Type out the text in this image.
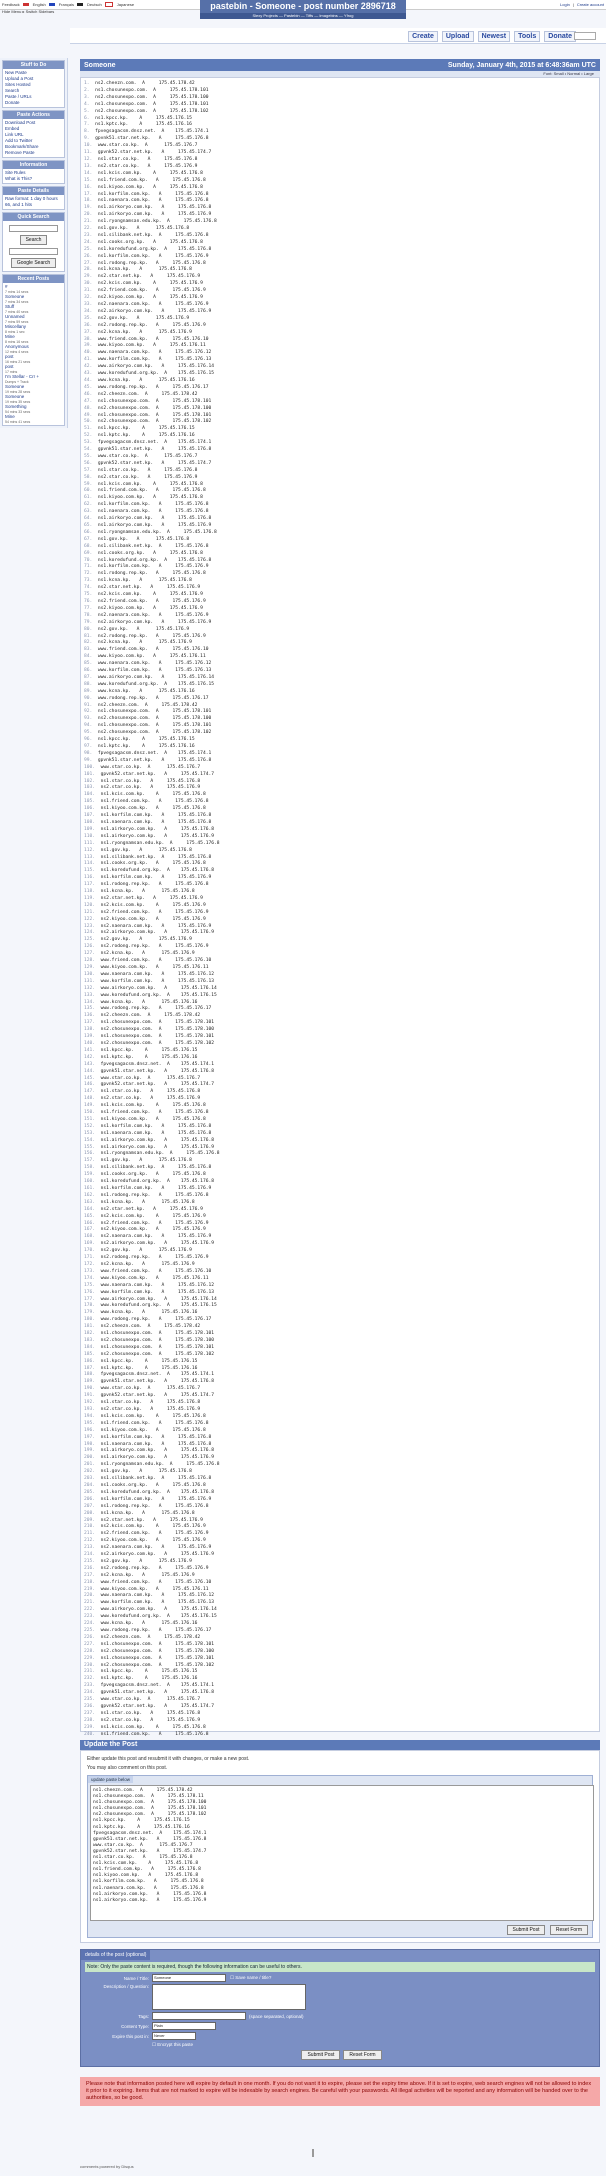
Feedback	English	Français	Deutsch	Japanese	Login | Create account
Hide Menu ▸ Switch Sidebars
pastebin - Someone - post number 2896718
Slexy Projects — Pastebin — Tiffs — Imagebins — Yfrog
Create	Upload	Newest	Tools	Donate
Stuff to Do
New Paste
Upload a Post
Sites Hosted
Search
Paste / URLs
Donate
Paste Actions
Download Post
Embed
Link URL
Add to Twitter
Bookmark/Share
Remove Paste
Information
Site Rules
What is This?
Paste Details
Raw format: 1 day 0 hours 66, and 1 hits
Quick Search
Search
Google Search
Recent Posts
#
7 mins 14 secs
Someone
7 mins 34 secs
Stuff
7 mins 40 secs
Unnamed
7 mins 59 secs
Miscellany
8 mins 1 sec
Mine
8 mins 16 secs
Anonymous
12 mins 4 secs
post
16 mins 21 secs
post
17 mins
I'm Stellar - Crr +
Dumps + Track
Someone
19 mins 28 secs
Someone
19 mins 35 secs
Something
54 mins 33 secs
Mine
54 mins 41 secs
Someone	Sunday, January 4th, 2015 at 6:48:36am UTC
Font: Small • Normal • Large
1.  ns2.cheezn.com.  A     175.45.178.42
2.  ns1.chosunexpo.com.  A     175.45.178.101
3.  ns2.chosunexpo.com.  A     175.45.178.100
4.  ns1.chosunexpo.com.  A     175.45.178.101
5.  ns2.chosunexpo.com.  A     175.45.178.102
6.  ns1.kpcc.kp.    A     175.45.176.15
7.  ns1.kptc.kp.    A     175.45.176.16
8.  fpvegsagacsm.dnsz.net.  A    175.45.174.1
9.  gpvnk51.star.net.kp.   A     175.45.176.8
10.  www.star.co.kp.  A      175.45.176.7
11.  gpvnk52.star.net.kp.   A     175.45.174.7
12.  ns1.star.co.kp.   A     175.45.176.8
13.  ns2.star.co.kp.   A     175.45.176.9
14.  ns1.kcis.com.kp.    A     175.45.176.8
15.  ns1.friend.com.kp.   A     175.45.176.8
16.  ns1.kiyoo.com.kp.   A     175.45.176.8
17.  ns1.korfilm.com.kp.   A     175.45.176.8
18.  ns1.naenara.com.kp.   A     175.45.176.8
19.  ns1.airkoryo.com.kp.   A     175.45.176.8
20.  ns1.airkoryo.com.kp.   A     175.45.176.9
21.  ns1.ryongnamsan.edu.kp.  A     175.45.176.8
22.  ns1.gov.kp.   A      175.45.176.8
23.  ns1.silibank.net.kp.  A     175.45.176.8
24.  ns1.cooks.org.kp.   A     175.45.176.8
25.  ns1.koredufund.org.kp.  A    175.45.176.8
26.  ns1.korfilm.com.kp.   A     175.45.176.9
27.  ns1.rodong.rep.kp.   A     175.45.176.8
28.  ns1.kcna.kp.   A      175.45.176.8
29.  ns2.star.net.kp.   A     175.45.176.9
30.  ns2.kcis.com.kp.    A     175.45.176.9
31.  ns2.friend.com.kp.   A     175.45.176.9
32.  ns2.kiyoo.com.kp.   A     175.45.176.9
33.  ns2.naenara.com.kp.   A     175.45.176.9
34.  ns2.airkoryo.com.kp.   A     175.45.176.9
35.  ns2.gov.kp.   A      175.45.176.9
36.  ns2.rodong.rep.kp.   A     175.45.176.9
37.  ns2.kcna.kp.   A      175.45.176.9
38.  www.friend.com.kp.   A     175.45.176.10
39.  www.kiyoo.com.kp.   A     175.45.176.11
40.  www.naenara.com.kp.   A     175.45.176.12
41.  www.korfilm.com.kp.   A     175.45.176.13
42.  www.airkoryo.com.kp.   A     175.45.176.14
43.  www.koredufund.org.kp.  A    175.45.176.15
44.  www.kcna.kp.   A      175.45.176.16
45.  www.rodong.rep.kp.   A     175.45.176.17
46.  ns2.cheezn.com.  A     175.45.178.42
47.  ns1.chosunexpo.com.  A     175.45.178.101
48.  ns2.chosunexpo.com.  A     175.45.178.100
49.  ns1.chosunexpo.com.  A     175.45.178.101
50.  ns2.chosunexpo.com.  A     175.45.178.102
51.  ns1.kpcc.kp.    A     175.45.176.15
52.  ns1.kptc.kp.    A     175.45.176.16
53.  fpvegsagacsm.dnsz.net.  A    175.45.174.1
54.  gpvnk51.star.net.kp.   A     175.45.176.8
55.  www.star.co.kp.  A      175.45.176.7
56.  gpvnk52.star.net.kp.   A     175.45.174.7
57.  ns1.star.co.kp.   A     175.45.176.8
58.  ns2.star.co.kp.   A     175.45.176.9
59.  ns1.kcis.com.kp.    A     175.45.176.8
60.  ns1.friend.com.kp.   A     175.45.176.8
61.  ns1.kiyoo.com.kp.   A     175.45.176.8
62.  ns1.korfilm.com.kp.   A     175.45.176.8
63.  ns1.naenara.com.kp.   A     175.45.176.8
64.  ns1.airkoryo.com.kp.   A     175.45.176.8
65.  ns1.airkoryo.com.kp.   A     175.45.176.9
66.  ns1.ryongnamsan.edu.kp.  A     175.45.176.8
67.  ns1.gov.kp.   A      175.45.176.8
68.  ns1.silibank.net.kp.  A     175.45.176.8
69.  ns1.cooks.org.kp.   A     175.45.176.8
70.  ns1.koredufund.org.kp.  A    175.45.176.8
71.  ns1.korfilm.com.kp.   A     175.45.176.9
72.  ns1.rodong.rep.kp.   A     175.45.176.8
73.  ns1.kcna.kp.   A      175.45.176.8
74.  ns2.star.net.kp.   A     175.45.176.9
75.  ns2.kcis.com.kp.    A     175.45.176.9
76.  ns2.friend.com.kp.   A     175.45.176.9
77.  ns2.kiyoo.com.kp.   A     175.45.176.9
78.  ns2.naenara.com.kp.   A     175.45.176.9
79.  ns2.airkoryo.com.kp.   A     175.45.176.9
80.  ns2.gov.kp.   A      175.45.176.9
81.  ns2.rodong.rep.kp.   A     175.45.176.9
82.  ns2.kcna.kp.   A      175.45.176.9
83.  www.friend.com.kp.   A     175.45.176.10
84.  www.kiyoo.com.kp.   A     175.45.176.11
85.  www.naenara.com.kp.   A     175.45.176.12
86.  www.korfilm.com.kp.   A     175.45.176.13
87.  www.airkoryo.com.kp.   A     175.45.176.14
88.  www.koredufund.org.kp.  A    175.45.176.15
89.  www.kcna.kp.   A      175.45.176.16
90.  www.rodong.rep.kp.   A     175.45.176.17
91.  ns2.cheezn.com.  A     175.45.178.42
92.  ns1.chosunexpo.com.  A     175.45.178.101
93.  ns2.chosunexpo.com.  A     175.45.178.100
94.  ns1.chosunexpo.com.  A     175.45.178.101
95.  ns2.chosunexpo.com.  A     175.45.178.102
96.  ns1.kpcc.kp.    A     175.45.176.15
97.  ns1.kptc.kp.    A     175.45.176.16
98.  fpvegsagacsm.dnsz.net.  A    175.45.174.1
99.  gpvnk51.star.net.kp.   A     175.45.176.8
100.  www.star.co.kp.  A      175.45.176.7
101.  gpvnk52.star.net.kp.   A     175.45.174.7
102.  ns1.star.co.kp.   A     175.45.176.8
103.  ns2.star.co.kp.   A     175.45.176.9
104.  ns1.kcis.com.kp.    A     175.45.176.8
105.  ns1.friend.com.kp.   A     175.45.176.8
106.  ns1.kiyoo.com.kp.   A     175.45.176.8
107.  ns1.korfilm.com.kp.   A     175.45.176.8
108.  ns1.naenara.com.kp.   A     175.45.176.8
109.  ns1.airkoryo.com.kp.   A     175.45.176.8
110.  ns1.airkoryo.com.kp.   A     175.45.176.9
111.  ns1.ryongnamsan.edu.kp.  A     175.45.176.8
112.  ns1.gov.kp.   A      175.45.176.8
113.  ns1.silibank.net.kp.  A     175.45.176.8
114.  ns1.cooks.org.kp.   A     175.45.176.8
115.  ns1.koredufund.org.kp.  A    175.45.176.8
116.  ns1.korfilm.com.kp.   A     175.45.176.9
117.  ns1.rodong.rep.kp.   A     175.45.176.8
118.  ns1.kcna.kp.   A      175.45.176.8
119.  ns2.star.net.kp.   A     175.45.176.9
120.  ns2.kcis.com.kp.    A     175.45.176.9
121.  ns2.friend.com.kp.   A     175.45.176.9
122.  ns2.kiyoo.com.kp.   A     175.45.176.9
123.  ns2.naenara.com.kp.   A     175.45.176.9
124.  ns2.airkoryo.com.kp.   A     175.45.176.9
125.  ns2.gov.kp.   A      175.45.176.9
126.  ns2.rodong.rep.kp.   A     175.45.176.9
127.  ns2.kcna.kp.   A      175.45.176.9
128.  www.friend.com.kp.   A     175.45.176.10
129.  www.kiyoo.com.kp.   A     175.45.176.11
130.  www.naenara.com.kp.   A     175.45.176.12
131.  www.korfilm.com.kp.   A     175.45.176.13
132.  www.airkoryo.com.kp.   A     175.45.176.14
133.  www.koredufund.org.kp.  A    175.45.176.15
134.  www.kcna.kp.   A      175.45.176.16
135.  www.rodong.rep.kp.   A     175.45.176.17
136.  ns2.cheezn.com.  A     175.45.178.42
137.  ns1.chosunexpo.com.  A     175.45.178.101
138.  ns2.chosunexpo.com.  A     175.45.178.100
139.  ns1.chosunexpo.com.  A     175.45.178.101
140.  ns2.chosunexpo.com.  A     175.45.178.102
141.  ns1.kpcc.kp.    A     175.45.176.15
142.  ns1.kptc.kp.    A     175.45.176.16
143.  fpvegsagacsm.dnsz.net.  A    175.45.174.1
144.  gpvnk51.star.net.kp.   A     175.45.176.8
145.  www.star.co.kp.  A      175.45.176.7
146.  gpvnk52.star.net.kp.   A     175.45.174.7
147.  ns1.star.co.kp.   A     175.45.176.8
148.  ns2.star.co.kp.   A     175.45.176.9
149.  ns1.kcis.com.kp.    A     175.45.176.8
150.  ns1.friend.com.kp.   A     175.45.176.8
151.  ns1.kiyoo.com.kp.   A     175.45.176.8
152.  ns1.korfilm.com.kp.   A     175.45.176.8
153.  ns1.naenara.com.kp.   A     175.45.176.8
154.  ns1.airkoryo.com.kp.   A     175.45.176.8
155.  ns1.airkoryo.com.kp.   A     175.45.176.9
156.  ns1.ryongnamsan.edu.kp.  A     175.45.176.8
157.  ns1.gov.kp.   A      175.45.176.8
158.  ns1.silibank.net.kp.  A     175.45.176.8
159.  ns1.cooks.org.kp.   A     175.45.176.8
160.  ns1.koredufund.org.kp.  A    175.45.176.8
161.  ns1.korfilm.com.kp.   A     175.45.176.9
162.  ns1.rodong.rep.kp.   A     175.45.176.8
163.  ns1.kcna.kp.   A      175.45.176.8
164.  ns2.star.net.kp.   A     175.45.176.9
165.  ns2.kcis.com.kp.    A     175.45.176.9
166.  ns2.friend.com.kp.   A     175.45.176.9
167.  ns2.kiyoo.com.kp.   A     175.45.176.9
168.  ns2.naenara.com.kp.   A     175.45.176.9
169.  ns2.airkoryo.com.kp.   A     175.45.176.9
170.  ns2.gov.kp.   A      175.45.176.9
171.  ns2.rodong.rep.kp.   A     175.45.176.9
172.  ns2.kcna.kp.   A      175.45.176.9
173.  www.friend.com.kp.   A     175.45.176.10
174.  www.kiyoo.com.kp.   A     175.45.176.11
175.  www.naenara.com.kp.   A     175.45.176.12
176.  www.korfilm.com.kp.   A     175.45.176.13
177.  www.airkoryo.com.kp.   A     175.45.176.14
178.  www.koredufund.org.kp.  A    175.45.176.15
179.  www.kcna.kp.   A      175.45.176.16
180.  www.rodong.rep.kp.   A     175.45.176.17
181.  ns2.cheezn.com.  A     175.45.178.42
182.  ns1.chosunexpo.com.  A     175.45.178.101
183.  ns2.chosunexpo.com.  A     175.45.178.100
184.  ns1.chosunexpo.com.  A     175.45.178.101
185.  ns2.chosunexpo.com.  A     175.45.178.102
186.  ns1.kpcc.kp.    A     175.45.176.15
187.  ns1.kptc.kp.    A     175.45.176.16
188.  fpvegsagacsm.dnsz.net.  A    175.45.174.1
189.  gpvnk51.star.net.kp.   A     175.45.176.8
190.  www.star.co.kp.  A      175.45.176.7
191.  gpvnk52.star.net.kp.   A     175.45.174.7
192.  ns1.star.co.kp.   A     175.45.176.8
193.  ns2.star.co.kp.   A     175.45.176.9
194.  ns1.kcis.com.kp.    A     175.45.176.8
195.  ns1.friend.com.kp.   A     175.45.176.8
196.  ns1.kiyoo.com.kp.   A     175.45.176.8
197.  ns1.korfilm.com.kp.   A     175.45.176.8
198.  ns1.naenara.com.kp.   A     175.45.176.8
199.  ns1.airkoryo.com.kp.   A     175.45.176.8
200.  ns1.airkoryo.com.kp.   A     175.45.176.9
201.  ns1.ryongnamsan.edu.kp.  A     175.45.176.8
202.  ns1.gov.kp.   A      175.45.176.8
203.  ns1.silibank.net.kp.  A     175.45.176.8
204.  ns1.cooks.org.kp.   A     175.45.176.8
205.  ns1.koredufund.org.kp.  A    175.45.176.8
206.  ns1.korfilm.com.kp.   A     175.45.176.9
207.  ns1.rodong.rep.kp.   A     175.45.176.8
208.  ns1.kcna.kp.   A      175.45.176.8
209.  ns2.star.net.kp.   A     175.45.176.9
210.  ns2.kcis.com.kp.    A     175.45.176.9
211.  ns2.friend.com.kp.   A     175.45.176.9
212.  ns2.kiyoo.com.kp.   A     175.45.176.9
213.  ns2.naenara.com.kp.   A     175.45.176.9
214.  ns2.airkoryo.com.kp.   A     175.45.176.9
215.  ns2.gov.kp.   A      175.45.176.9
216.  ns2.rodong.rep.kp.   A     175.45.176.9
217.  ns2.kcna.kp.   A      175.45.176.9
218.  www.friend.com.kp.   A     175.45.176.10
219.  www.kiyoo.com.kp.   A     175.45.176.11
220.  www.naenara.com.kp.   A     175.45.176.12
221.  www.korfilm.com.kp.   A     175.45.176.13
222.  www.airkoryo.com.kp.   A     175.45.176.14
223.  www.koredufund.org.kp.  A    175.45.176.15
224.  www.kcna.kp.   A      175.45.176.16
225.  www.rodong.rep.kp.   A     175.45.176.17
226.  ns2.cheezn.com.  A     175.45.178.42
227.  ns1.chosunexpo.com.  A     175.45.178.101
228.  ns2.chosunexpo.com.  A     175.45.178.100
229.  ns1.chosunexpo.com.  A     175.45.178.101
230.  ns2.chosunexpo.com.  A     175.45.178.102
231.  ns1.kpcc.kp.    A     175.45.176.15
232.  ns1.kptc.kp.    A     175.45.176.16
233.  fpvegsagacsm.dnsz.net.  A    175.45.174.1
234.  gpvnk51.star.net.kp.   A     175.45.176.8
235.  www.star.co.kp.  A      175.45.176.7
236.  gpvnk52.star.net.kp.   A     175.45.174.7
237.  ns1.star.co.kp.   A     175.45.176.8
238.  ns2.star.co.kp.   A     175.45.176.9
239.  ns1.kcis.com.kp.    A     175.45.176.8
240.  ns1.friend.com.kp.   A     175.45.176.8
Update the Post

Either update this post and resubmit it with changes, or make a new post.

You may also comment on this post.

update paste below
ns1.cheezn.com. A 175.45.178.42 ns1.chosunexpo.com. A 175.45.178.11 ns1.chosunexpo.com. A 175.45.178.100 ns1.chosunexpo.com. A 175.45.178.101 ns2.chosunexpo.com. A 175.45.178.102 ns1.kpcc.kp. A 175.45.176.15 ns1.kptc.kp. A 175.45.176.16 fpvegsagacsm.dnsz.net. A 175.45.174.1 gpvnk51.star.net.kp. A 175.45.176.8 www.star.co.kp. A 175.45.176.7 gpvnk52.star.net.kp. A 175.45.174.7 ns1.star.co.kp. A 175.45.176.8 ns1.kcis.com.kp. A 175.45.176.8 ns1.friend.com.kp. A 175.45.176.8 ns1.kiyoo.com.kp. A 175.45.176.8 ns1.korfilm.com.kp. A 175.45.176.8 ns1.naenara.com.kp. A 175.45.176.8 ns1.airkoryo.com.kp. A 175.45.176.8 ns1.airkoryo.com.kp. A 175.45.176.9
Submit Post	Reset Form
details of the post (optional)
Note: Only the paste content is required, though the following information can be useful to others.
Name / Title:	Someone	☐ Save name / title?
Description / Question:
Tags:	(space separated, optional)
Content Type:	Plain
Expire this post in:	Never
☐ Encrypt this paste
Submit Post	Reset Form
Please note that information posted here will expire by default in one month. If you do not want it to expire, please set the expiry time above. If it is set to expire, web search engines will not be allowed to index it prior to it expiring. Items that are not marked to expire will be indexable by search engines. Be careful with your passwords. All illegal activities will be reported and any information will be handed over to the authorities, so be good.
comments powered by Disqus
